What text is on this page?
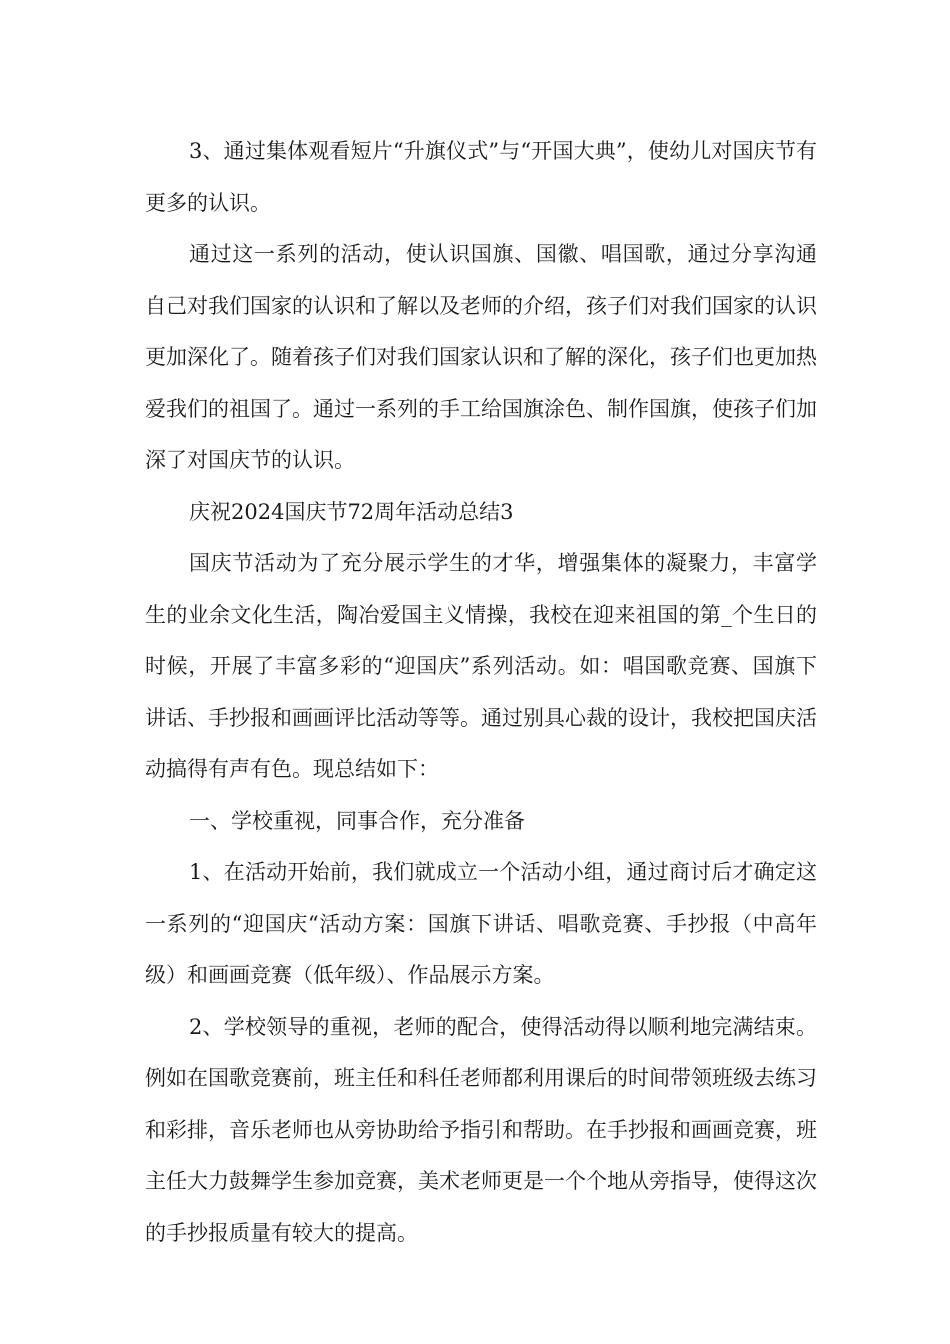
3、通过集体观看短片“升旗仪式”与“开国大典”，使幼儿对国庆节有更多的认识。

通过这一系列的活动，使认识国旗、国徽、唱国歌，通过分享沟通自己对我们国家的认识和了解以及老师的介绍，孩子们对我们国家的认识更加深化了。随着孩子们对我们国家认识和了解的深化，孩子们也更加热爱我们的祖国了。通过一系列的手工给国旗涂色、制作国旗，使孩子们加深了对国庆节的认识。

庆祝2024国庆节72周年活动总结3

国庆节活动为了充分展示学生的才华，增强集体的凝聚力，丰富学生的业余文化生活，陶冶爱国主义情操，我校在迎来祖国的第_个生日的时候，开展了丰富多彩的“迎国庆”系列活动。如：唱国歌竞赛、国旗下讲话、手抄报和画画评比活动等等。通过别具心裁的设计，我校把国庆活动搞得有声有色。现总结如下：

一、学校重视，同事合作，充分准备

1、在活动开始前，我们就成立一个活动小组，通过商讨后才确定这一系列的“迎国庆“活动方案：国旗下讲话、唱歌竞赛、手抄报（中高年级）和画画竞赛（低年级）、作品展示方案。

2、学校领导的重视，老师的配合，使得活动得以顺利地完满结束。例如在国歌竞赛前，班主任和科任老师都利用课后的时间带领班级去练习和彩排，音乐老师也从旁协助给予指引和帮助。在手抄报和画画竞赛，班主任大力鼓舞学生参加竞赛，美术老师更是一个个地从旁指导，使得这次的手抄报质量有较大的提高。
